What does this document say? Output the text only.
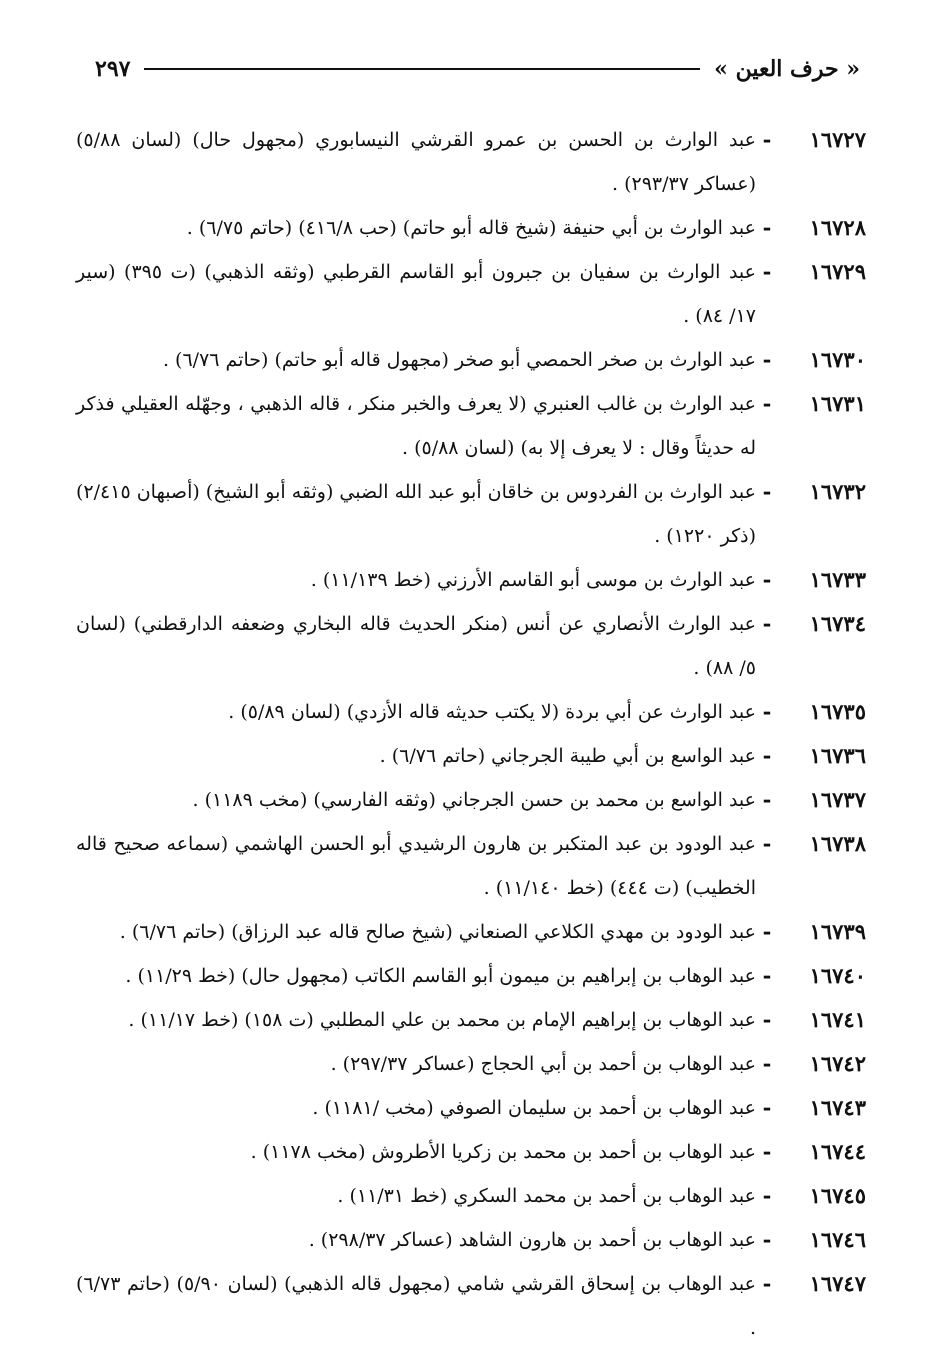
« حرف العين »
٢٩٧
١٦٧٢٧
-
عبد الوارث بن الحسن بن عمرو القرشي النيسابوري (مجهول حال) (لسان ٥/٨٨) (عساكر ٢٩٣/٣٧) .
١٦٧٢٨
-
عبد الوارث بن أبي حنيفة (شيخ قاله أبو حاتم) (حب ٤١٦/٨) (حاتم ٦/٧٥) .
١٦٧٢٩
-
عبد الوارث بن سفيان بن جبرون أبو القاسم القرطبي (وثقه الذهبي) (ت ٣٩٥) (سير ١٧/ ٨٤) .
١٦٧٣٠
-
عبد الوارث بن صخر الحمصي أبو صخر (مجهول قاله أبو حاتم) (حاتم ٦/٧٦) .
١٦٧٣١
-
عبد الوارث بن غالب العنبري (لا يعرف والخبر منكر ، قاله الذهبي ، وجهّله العقيلي فذكر له حديثاً وقال : لا يعرف إلا به) (لسان ٥/٨٨) .
١٦٧٣٢
-
عبد الوارث بن الفردوس بن خاقان أبو عبد الله الضبي (وثقه أبو الشيخ) (أصبهان ٢/٤١٥) (ذكر ١٢٢٠) .
١٦٧٣٣
-
عبد الوارث بن موسى أبو القاسم الأرزني (خط ١١/١٣٩) .
١٦٧٣٤
-
عبد الوارث الأنصاري عن أنس (منكر الحديث قاله البخاري وضعفه الدارقطني) (لسان ٥/ ٨٨) .
١٦٧٣٥
-
عبد الوارث عن أبي بردة (لا يكتب حديثه قاله الأزدي) (لسان ٥/٨٩) .
١٦٧٣٦
-
عبد الواسع بن أبي طيبة الجرجاني (حاتم ٦/٧٦) .
١٦٧٣٧
-
عبد الواسع بن محمد بن حسن الجرجاني (وثقه الفارسي) (مخب ١١٨٩) .
١٦٧٣٨
-
عبد الودود بن عبد المتكبر بن هارون الرشيدي أبو الحسن الهاشمي (سماعه صحيح قاله الخطيب) (ت ٤٤٤) (خط ١١/١٤٠) .
١٦٧٣٩
-
عبد الودود بن مهدي الكلاعي الصنعاني (شيخ صالح قاله عبد الرزاق) (حاتم ٦/٧٦) .
١٦٧٤٠
-
عبد الوهاب بن إبراهيم بن ميمون أبو القاسم الكاتب (مجهول حال) (خط ١١/٢٩) .
١٦٧٤١
-
عبد الوهاب بن إبراهيم الإمام بن محمد بن علي المطلبي (ت ١٥٨) (خط ١١/١٧) .
١٦٧٤٢
-
عبد الوهاب بن أحمد بن أبي الحجاج (عساكر ٢٩٧/٣٧) .
١٦٧٤٣
-
عبد الوهاب بن أحمد بن سليمان الصوفي (مخب /١١٨١) .
١٦٧٤٤
-
عبد الوهاب بن أحمد بن محمد بن زكريا الأطروش (مخب ١١٧٨) .
١٦٧٤٥
-
عبد الوهاب بن أحمد بن محمد السكري (خط ١١/٣١) .
١٦٧٤٦
-
عبد الوهاب بن أحمد بن هارون الشاهد (عساكر ٢٩٨/٣٧) .
١٦٧٤٧
-
عبد الوهاب بن إسحاق القرشي شامي (مجهول قاله الذهبي) (لسان ٥/٩٠) (حاتم ٦/٧٣) .
